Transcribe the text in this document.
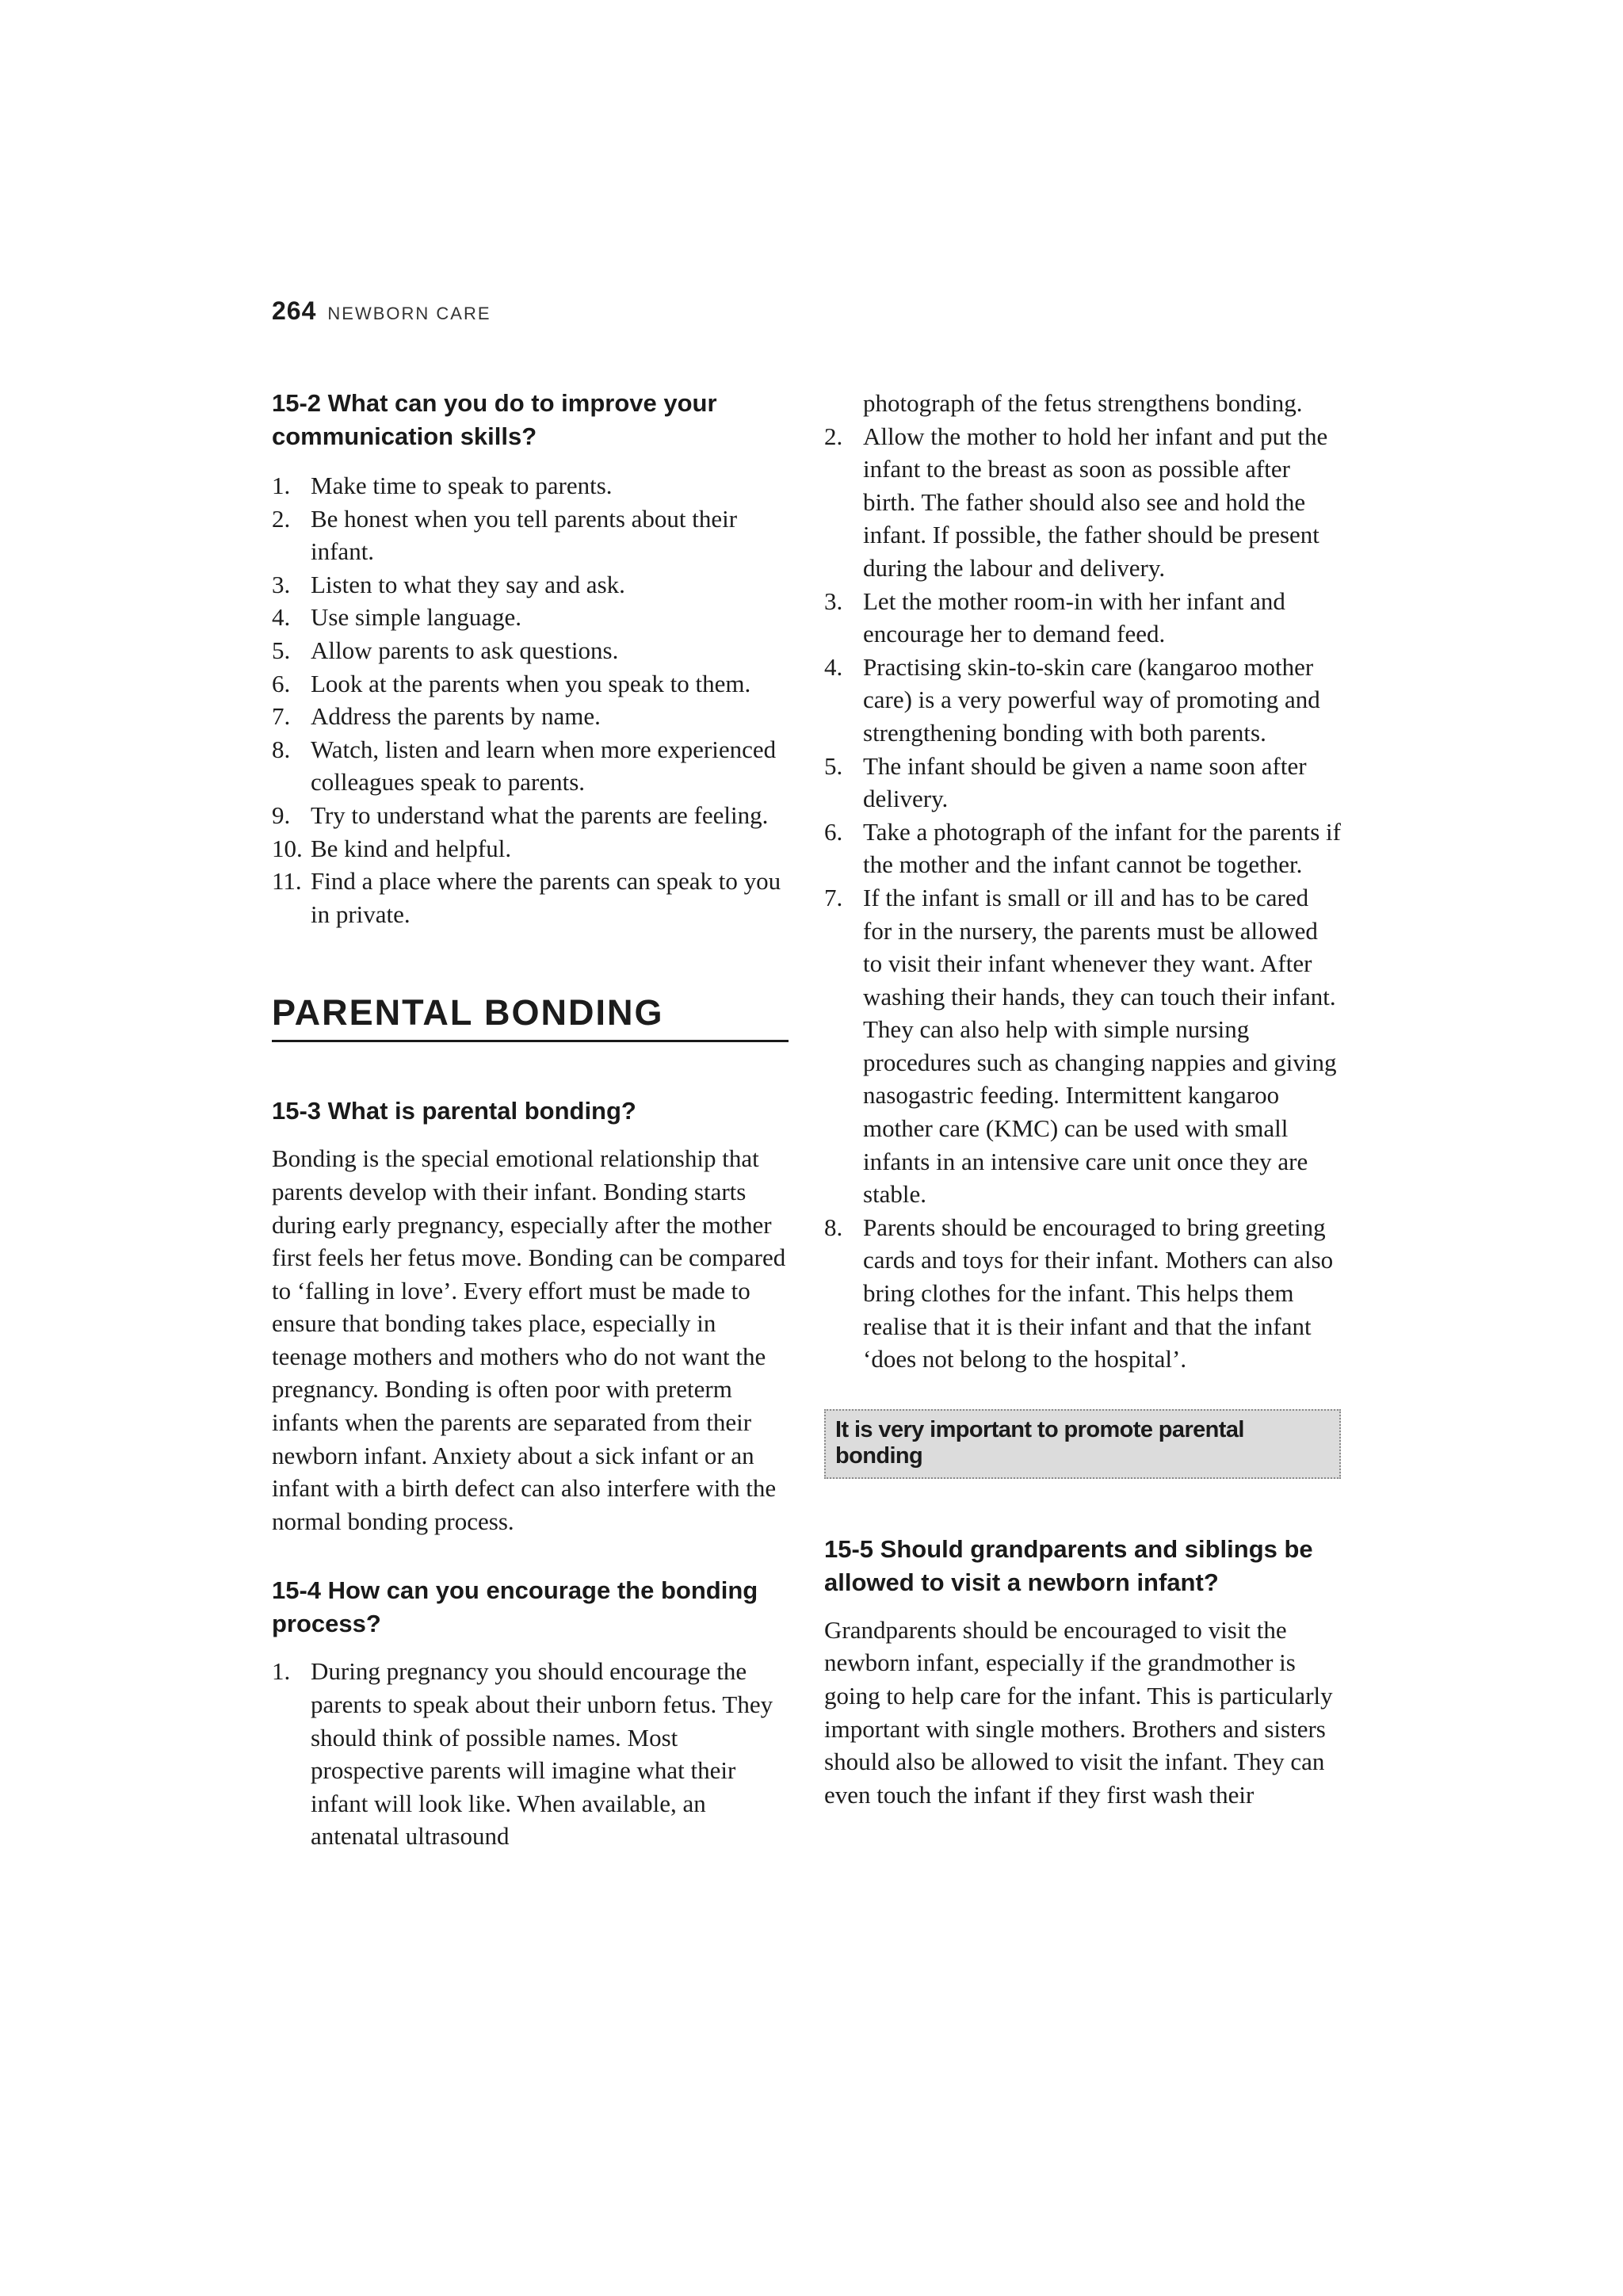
264 NEWBORN CARE
15-2 What can you do to improve your communication skills?
1. Make time to speak to parents.
2. Be honest when you tell parents about their infant.
3. Listen to what they say and ask.
4. Use simple language.
5. Allow parents to ask questions.
6. Look at the parents when you speak to them.
7. Address the parents by name.
8. Watch, listen and learn when more experienced colleagues speak to parents.
9. Try to understand what the parents are feeling.
10. Be kind and helpful.
11. Find a place where the parents can speak to you in private.
PARENTAL BONDING
15-3 What is parental bonding?

Bonding is the special emotional relationship that parents develop with their infant. Bonding starts during early pregnancy, especially after the mother first feels her fetus move. Bonding can be compared to ‘falling in love’. Every effort must be made to ensure that bonding takes place, especially in teenage mothers and mothers who do not want the pregnancy. Bonding is often poor with preterm infants when the parents are separated from their newborn infant. Anxiety about a sick infant or an infant with a birth defect can also interfere with the normal bonding process.

15-4 How can you encourage the bonding process?
1. During pregnancy you should encourage the parents to speak about their unborn fetus. They should think of possible names. Most prospective parents will imagine what their infant will look like. When available, an antenatal ultrasound

photograph of the fetus strengthens bonding.

2. Allow the mother to hold her infant and put the infant to the breast as soon as possible after birth. The father should also see and hold the infant. If possible, the father should be present during the labour and delivery.
3. Let the mother room-in with her infant and encourage her to demand feed.
4. Practising skin-to-skin care (kangaroo mother care) is a very powerful way of promoting and strengthening bonding with both parents.
5. The infant should be given a name soon after delivery.
6. Take a photograph of the infant for the parents if the mother and the infant cannot be together.
7. If the infant is small or ill and has to be cared for in the nursery, the parents must be allowed to visit their infant whenever they want. After washing their hands, they can touch their infant. They can also help with simple nursing procedures such as changing nappies and giving nasogastric feeding. Intermittent kangaroo mother care (KMC) can be used with small infants in an intensive care unit once they are stable.
8. Parents should be encouraged to bring greeting cards and toys for their infant. Mothers can also bring clothes for the infant. This helps them realise that it is their infant and that the infant ‘does not belong to the hospital’.
It is very important to promote parental bonding
15-5 Should grandparents and siblings be allowed to visit a newborn infant?

Grandparents should be encouraged to visit the newborn infant, especially if the grandmother is going to help care for the infant. This is particularly important with single mothers. Brothers and sisters should also be allowed to visit the infant. They can even touch the infant if they first wash their
